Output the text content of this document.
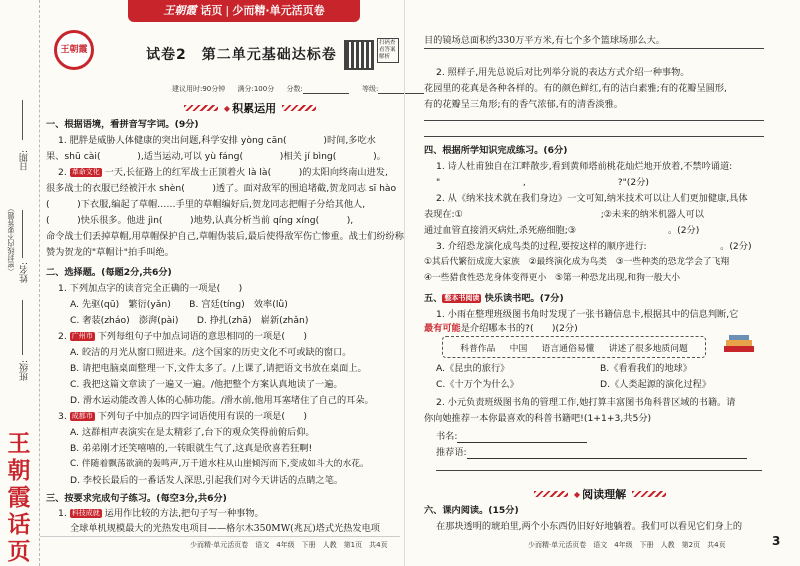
日期:
（密封线内不要答题） 姓名:
班级:
王
朝
霞
话
页
王朝霞 话页 | 少而精·单元活页卷
王朝霞	试卷2　第二单元基础达标卷
扫码查看答案解析
建议用时:90分钟　 满分:100分　 分数:	等级:
◆ 积累运用
一、根据语境，看拼音写字词。(9分)
1. 肥胖是威胁人体健康的突出问题,科学安排 yòng cān(　　　　)时间,多吃水
果、shū cài(　　　　),适当运动,可以 yù fáng(　　　　)相关 jí bìng(　　　　)。
2. 革命文化 一天,长征路上的红军战士正顶着火 là là(　　　)的太阳向终南山进发,
很多战士的衣服已经被汗水 shèn(　　　)透了。面对敌军的围追堵截,贺龙同志 sī hào
(　　　)下衣服,编起了草帽……手里的草帽编好后,贺龙同志把帽子分给其他人,
(　　　)快乐很多。他进 jìn(　　　)地势,认真分析当前 qíng xíng(　　　),
命令战士们丢掉草帽,用草帽保护自己,草帽伪装后,最后使得敌军伤亡惨重。战士们纷纷称
赞为贺龙的"草帽计"拍手叫绝。
二、选择题。(每题2分,共6分)
1. 下列加点字的读音完全正确的一项是(　　)
A. 先驱(qū)　 繁衍(yǎn)　　 B. 宫廷(tíng)　 效率(lǜ)
C. 奢装(zháo)　 澎湃(pài)　　 D. 挣扎(zhā)　 崭新(zhǎn)
2. 广州市 下列每组句子中加点词语的意思相同的一项是(　　)
A. 皎洁的月光从窗口照进来。/这个国家的历史文化不可或缺的窗口。
B. 请把电脑桌面整理一下,文件太多了。/上课了,请把语文书放在桌面上。
C. 我把这篇文章读了一遍又一遍。/他把整个方案认真地读了一遍。
D. 滑水运动能改善人体的心肺功能。/滑水前,他用耳塞堵住了自己的耳朵。
3. 成都市 下列句子中加点的四字词语使用有误的一项是(　　)
A. 这群相声表演实在是太精彩了,台下的观众笑得前俯后仰。
B. 弟弟刚才还笑嘻嘻的,一转眼就生气了,这真是欣喜若狂啊!
C. 伴随着飘荡欲滴的轰鸣声,万千道水柱从山崖倾泻而下,变成如斗大的水花。
D. 李校长最后的一番话发人深思,引起我们对今天讲话的点睛之笔。
三、按要求完成句子练习。(每空3分,共6分)
1. 科技成就 运用作比较的方法,把句子写一种事物。
全球单机规模最大的光热发电项目——格尔木350MW(兆瓦)塔式光热发电项
少而精·单元活页卷　语文　4年级　下册　人教　第1页　共4页
目的镜场总面积约330万平方米,有七个多个篮球场那么大。
2. 照样子,用先总说后对比列举分说的表达方式介绍一种事物。
花园里的花真是各种各样的。有的颜色鲜红,有的洁白素雅;有的花瓣呈圆形,
有的花瓣呈三角形;有的香气浓郁,有的清香淡雅。
四、根据所学知识完成练习。(6分)
1. 诗人杜甫独自在江畔散步,看到黄师塔前桃花灿烂地开放着,不禁吟诵道:
"　　　　　　　　　,　　　　　　　　　　?"(2分)
2. 从《纳米技术就在我们身边》一文可知,纳米技术可以让人们更加健康,具体
表现在:①　　　　　　　　　　　　　　　;②未来的纳米机器人可以
通过血管直接消灭病灶,杀死癌细胞;③　　　　　　　　　　。(2分)
3. 介绍恐龙演化成鸟类的过程,要按这样的顺序进行:　　　　　　　　。(2分)
①其后代繁衍成庞大家族　②最终演化成为鸟类　③一些种类的恐龙学会了飞翔
④一些猎食性恐龙身体变得更小　⑤第一种恐龙出现,和狗一般大小
五、 整本书阅读 快乐读书吧。(7分)
1. 小雨在整理班级图书角时发现了一张书籍信息卡,根据其中的信息判断,它
最有可能是介绍哪本书的?(　　)(2分)
科普作品 中国 语言通俗易懂 讲述了很多地质问题
A.《昆虫的旅行》	B.《看看我们的地球》
C.《十万个为什么》	D.《人类起源的演化过程》
2. 小元负责班级图书角的管理工作,她打算丰富图书角科普区域的书籍。请
你向她推荐一本你最喜欢的科普书籍吧!(1+1+3,共5分)
书名:
推荐语:
◆ 阅读理解
六、课内阅读。(15分)
在那块透明的琥珀里,两个小东西仍旧好好地躺着。我们可以看见它们身上的
少而精·单元活页卷　语文　4年级　下册　人教　第2页　共4页	3
